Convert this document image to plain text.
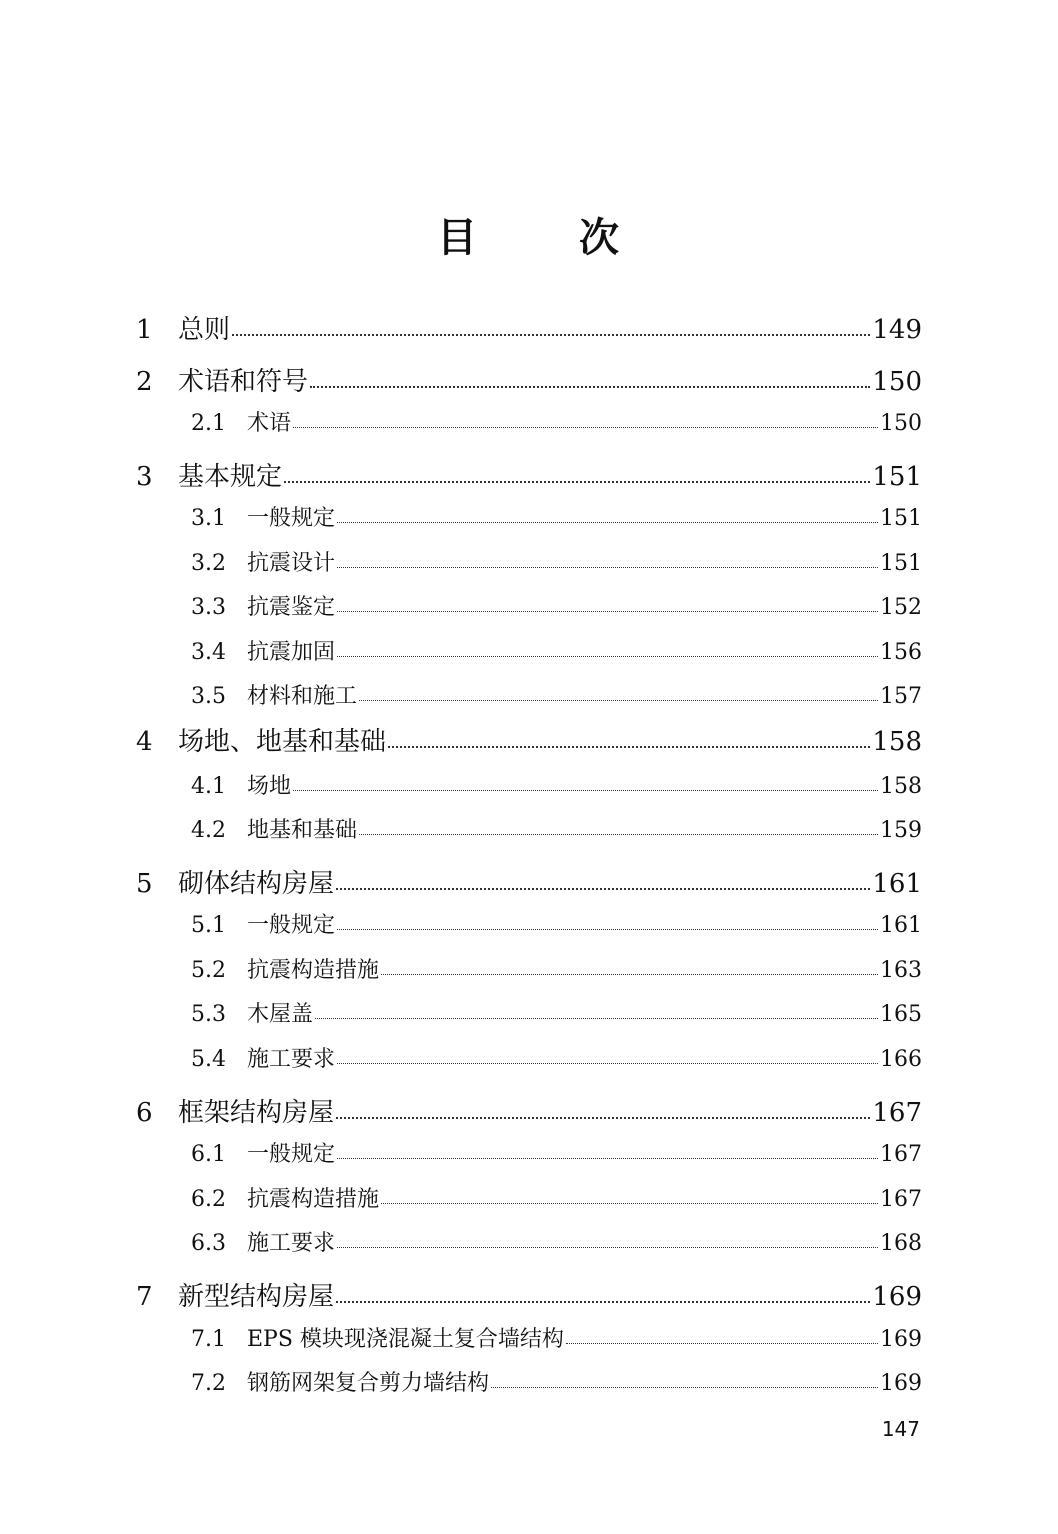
目	次
1 总则	149
2 术语和符号	150
2.1 术语	150
3 基本规定	151
3.1 一般规定	151
3.2 抗震设计	151
3.3 抗震鉴定	152
3.4 抗震加固	156
3.5 材料和施工	157
4 场地、地基和基础	158
4.1 场地	158
4.2 地基和基础	159
5 砌体结构房屋	161
5.1 一般规定	161
5.2 抗震构造措施	163
5.3 木屋盖	165
5.4 施工要求	166
6 框架结构房屋	167
6.1 一般规定	167
6.2 抗震构造措施	167
6.3 施工要求	168
7 新型结构房屋	169
7.1 EPS 模块现浇混凝土复合墙结构	169
7.2 钢筋网架复合剪力墙结构	169
147
